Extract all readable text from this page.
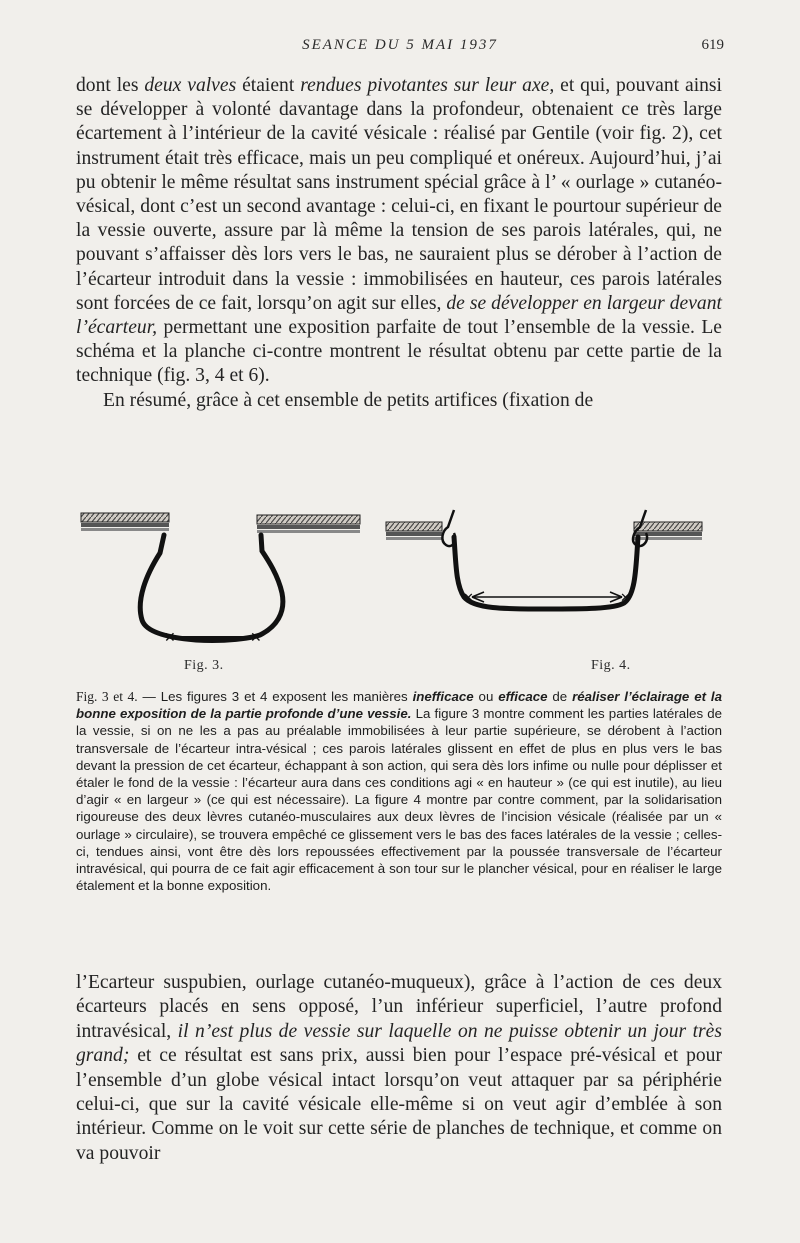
SEANCE DU 5 MAI 1937	619

dont les deux valves étaient rendues pivotantes sur leur axe, et qui, pouvant ainsi se développer à volonté davantage dans la profondeur, obtenaient ce très large écartement à l’intérieur de la cavité vésicale : réalisé par Gentile (voir fig. 2), cet instrument était très efficace, mais un peu compliqué et onéreux. Aujourd’hui, j’ai pu obtenir le même résultat sans instrument spécial grâce à l’ « ourlage » cutanéo-vésical, dont c’est un second avantage : celui-ci, en fixant le pourtour supérieur de la vessie ouverte, assure par là même la tension de ses parois latérales, qui, ne pouvant s’affaisser dès lors vers le bas, ne sauraient plus se dérober à l’action de l’écarteur introduit dans la vessie : immobilisées en hauteur, ces parois latérales sont forcées de ce fait, lorsqu’on agit sur elles, de se développer en largeur devant l’écarteur, permettant une exposition parfaite de tout l’ensemble de la vessie. Le schéma et la planche ci-contre montrent le résultat obtenu par cette partie de la technique (fig. 3, 4 et 6).

En résumé, grâce à cet ensemble de petits artifices (fixation de

✕	✕
✕	✕
Fig. 3.	Fig. 4.

Fig. 3 et 4. — Les figures 3 et 4 exposent les manières inefficace ou efficace de réaliser l’éclairage et la bonne exposition de la partie profonde d’une vessie. La figure 3 montre comment les parties latérales de la vessie, si on ne les a pas au préalable immobilisées à leur partie supérieure, se dérobent à l’action transversale de l’écarteur intra-vésical ; ces parois latérales glissent en effet de plus en plus vers le bas devant la pression de cet écarteur, échappant à son action, qui sera dès lors infime ou nulle pour déplisser et étaler le fond de la vessie : l’écarteur aura dans ces conditions agi « en hauteur » (ce qui est inutile), au lieu d’agir « en largeur » (ce qui est nécessaire). La figure 4 montre par contre comment, par la solidarisation rigoureuse des deux lèvres cutanéo-musculaires aux deux lèvres de l’incision vésicale (réalisée par un « ourlage » circulaire), se trouvera empêché ce glissement vers le bas des faces latérales de la vessie ; celles-ci, tendues ainsi, vont être dès lors repoussées effectivement par la poussée transversale de l’écarteur intravésical, qui pourra de ce fait agir efficacement à son tour sur le plancher vésical, pour en réaliser le large étalement et la bonne exposition.

l’Ecarteur suspubien, ourlage cutanéo-muqueux), grâce à l’action de ces deux écarteurs placés en sens opposé, l’un inférieur superficiel, l’autre profond intravésical, il n’est plus de vessie sur laquelle on ne puisse obtenir un jour très grand; et ce résultat est sans prix, aussi bien pour l’espace pré-vésical et pour l’ensemble d’un globe vésical intact lorsqu’on veut attaquer par sa périphérie celui-ci, que sur la cavité vésicale elle-même si on veut agir d’emblée à son intérieur. Comme on le voit sur cette série de planches de technique, et comme on va pouvoir
